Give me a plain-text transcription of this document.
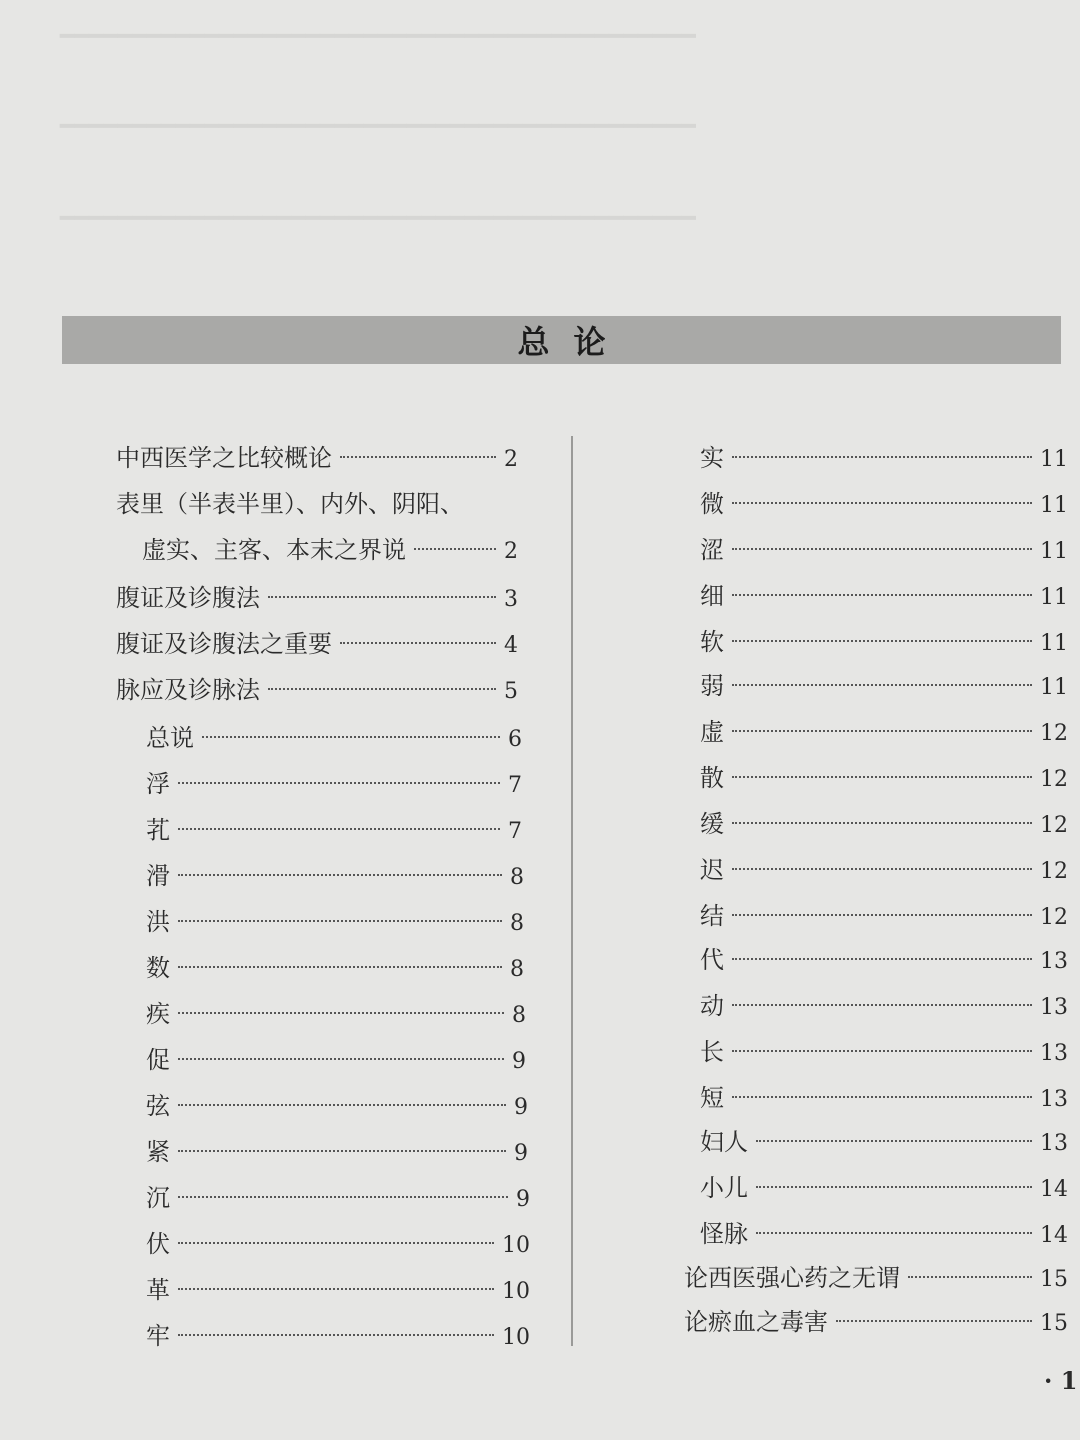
━━━━━━━━━━━━━━━━━━━━━━━━━━━━━━━━━━━━━━━━━━━━
━━━━━━━━━━━━━━━━━━━━━━━━━━━━━━━━━━━━━━━━━━━━
━━━━━━━━━━━━━━━━━━━━━━━━━━━━━━━━━━━━━━━━━━━━
总论
中西医学之比较概论	2
表里（半表半里）、内外、阴阳、
虚实、主客、本末之界说	2
腹证及诊腹法	3
腹证及诊腹法之重要	4
脉应及诊脉法	5
总说	6
浮	7
芤	7
滑	8
洪	8
数	8
疾	8
促	9
弦	9
紧	9
沉	9
伏	10
革	10
牢	10
实	11
微	11
涩	11
细	11
软	11
弱	11
虚	12
散	12
缓	12
迟	12
结	12
代	13
动	13
长	13
短	13
妇人	13
小儿	14
怪脉	14
论西医强心药之无谓	15
论瘀血之毒害	15
· 1
